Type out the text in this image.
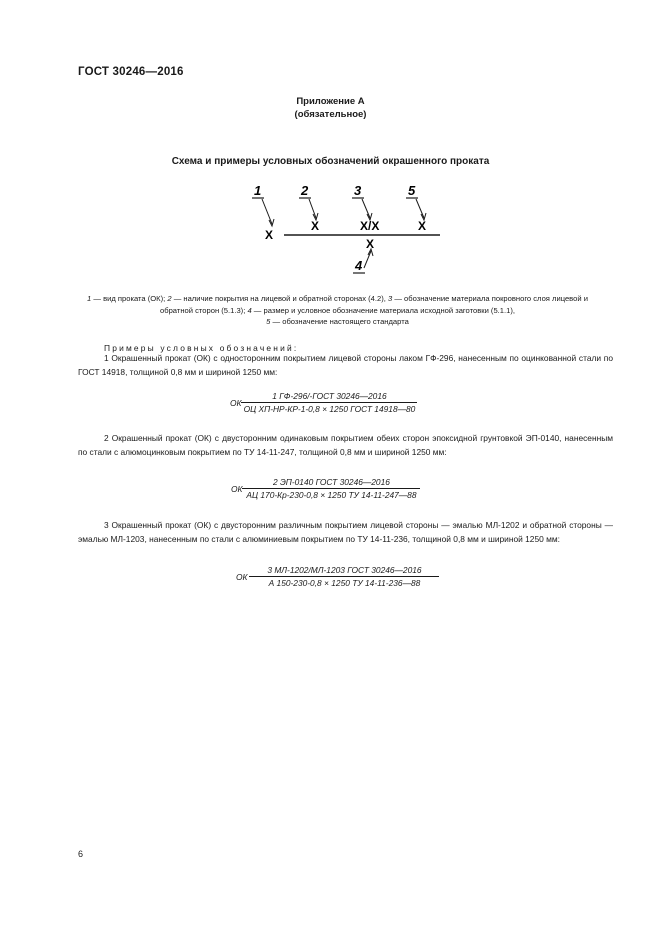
ГОСТ 30246—2016
Приложение А
(обязательное)
Схема и примеры условных обозначений окрашенного проката
1	2	3	5
Х
Х	Х/Х	Х
Х
4
1 — вид проката (ОК); 2 — наличие покрытия на лицевой и обратной сторонах (4.2), 3 — обозначение материала покровного слоя лицевой и обратной сторон (5.1.3); 4 — размер и условное обозначение материала исходной заготовки (5.1.1),
5 — обозначение настоящего стандарта
Примеры условных обозначений:
1 Окрашенный прокат (ОК) с односторонним покрытием лицевой стороны лаком ГФ-296, нанесенным по оцинкованной стали по ГОСТ 14918, толщиной 0,8 мм и шириной 1250 мм:
ОК
1 ГФ-296/-ГОСТ 30246—2016
ОЦ ХП-НР-КР-1-0,8 × 1250 ГОСТ 14918—80
2 Окрашенный прокат (ОК) с двусторонним одинаковым покрытием обеих сторон эпоксидной грунтовкой ЭП-0140, нанесенным по стали с алюмоцинковым покрытием по ТУ 14-11-247, толщиной 0,8 мм и шириной 1250 мм:
ОК
2 ЭП-0140 ГОСТ 30246—2016
АЦ 170-Кр-230-0,8 × 1250 ТУ 14-11-247—88
3 Окрашенный прокат (ОК) с двусторонним различным покрытием лицевой стороны — эмалью МЛ-1202 и обратной стороны — эмалью МЛ-1203, нанесенным по стали с алюминиевым покрытием по ТУ 14-11-236, толщиной 0,8 мм и шириной 1250 мм:
ОК
3 МЛ-1202/МЛ-1203 ГОСТ 30246—2016
А 150-230-0,8 × 1250 ТУ 14-11-236—88
6
